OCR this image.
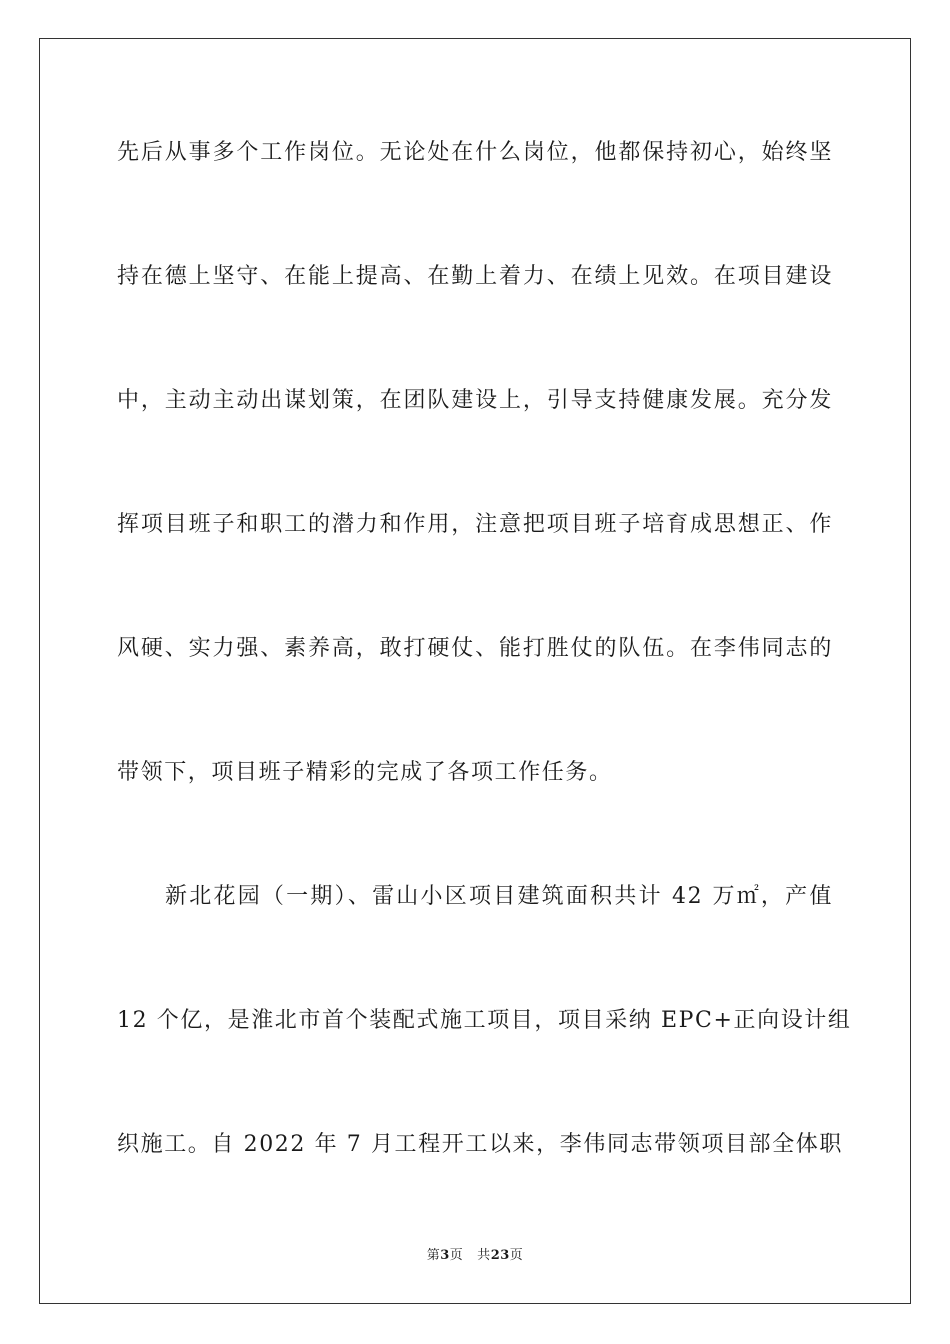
先后从事多个工作岗位。无论处在什么岗位，他都保持初心，始终坚
持在德上坚守、在能上提高、在勤上着力、在绩上见效。在项目建设
中，主动主动出谋划策，在团队建设上，引导支持健康发展。充分发
挥项目班子和职工的潜力和作用，注意把项目班子培育成思想正、作
风硬、实力强、素养高，敢打硬仗、能打胜仗的队伍。在李伟同志的
带领下，项目班子精彩的完成了各项工作任务。
新北花园（一期）、雷山小区项目建筑面积共计 42 万㎡，产值
12 个亿，是淮北市首个装配式施工项目，项目采纳 EPC+正向设计组
织施工。自 2022 年 7 月工程开工以来，李伟同志带领项目部全体职
第3页 共23页
